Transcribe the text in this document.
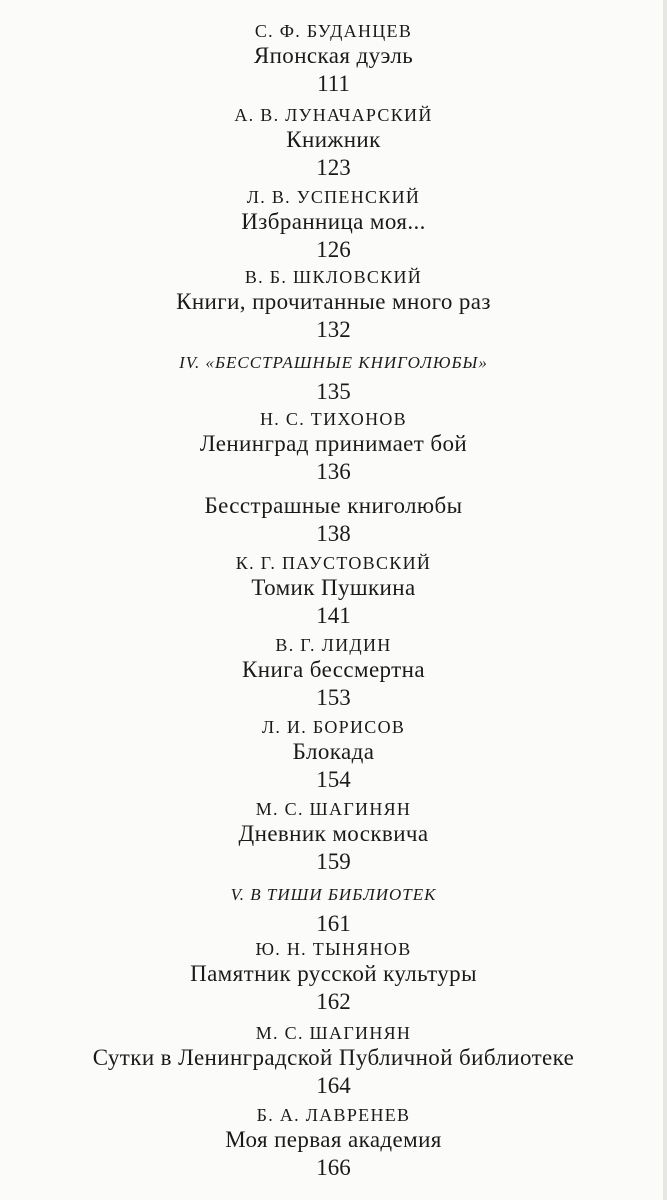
С. Ф. БУДАНЦЕВ
Японская дуэль
111
А. В. ЛУНАЧАРСКИЙ
Книжник
123
Л. В. УСПЕНСКИЙ
Избранница моя...
126
В. Б. ШКЛОВСКИЙ
Книги, прочитанные много раз
132
IV. «БЕССТРАШНЫЕ КНИГОЛЮБЫ»
135
Н. С. ТИХОНОВ
Ленинград принимает бой
136
Бесстрашные книголюбы
138
К. Г. ПАУСТОВСКИЙ
Томик Пушкина
141
В. Г. ЛИДИН
Книга бессмертна
153
Л. И. БОРИСОВ
Блокада
154
М. С. ШАГИНЯН
Дневник москвича
159
V. В ТИШИ БИБЛИОТЕК
161
Ю. Н. ТЫНЯНОВ
Памятник русской культуры
162
М. С. ШАГИНЯН
Сутки в Ленинградской Публичной библиотеке
164
Б. А. ЛАВРЕНЕВ
Моя первая академия
166
